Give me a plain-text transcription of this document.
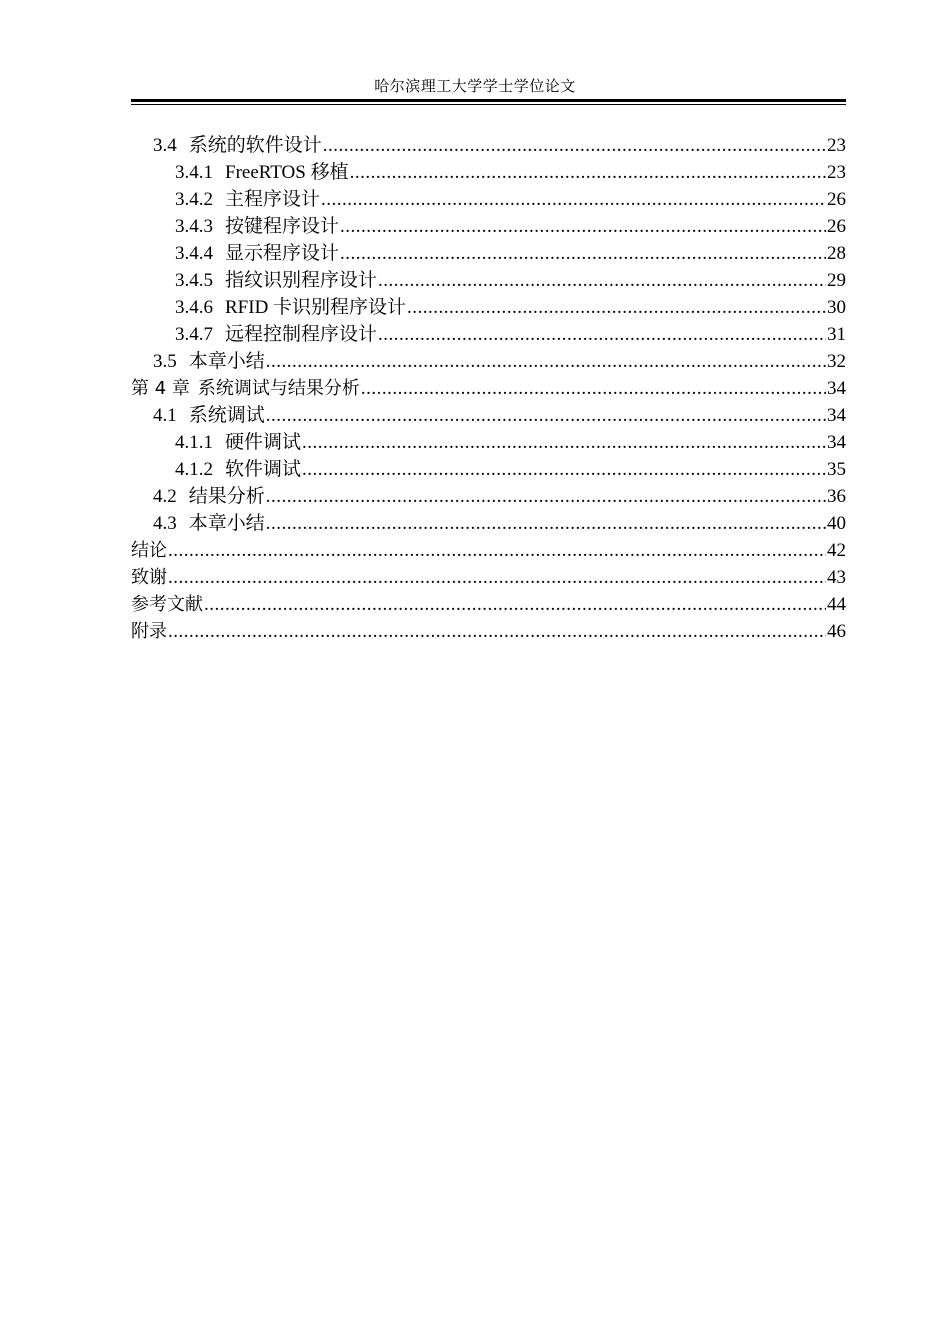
哈尔滨理工大学学士学位论文
3.4 系统的软件设计 .....	23
3.4.1 FreeRTOS 移植 .....	23
3.4.2 主程序设计 .....	26
3.4.3 按键程序设计 .....	26
3.4.4 显示程序设计 .....	28
3.4.5 指纹识别程序设计 .....	29
3.4.6 RFID 卡识别程序设计 .....	30
3.4.7 远程控制程序设计 .....	31
3.5 本章小结 .....	32
第 4 章 系统调试与结果分析 .....	34
4.1 系统调试 .....	34
4.1.1 硬件调试 .....	34
4.1.2 软件调试 .....	35
4.2 结果分析 .....	36
4.3 本章小结 .....	40
结论 .....	42
致谢 .....	43
参考文献 .....	44
附录 .....	46
